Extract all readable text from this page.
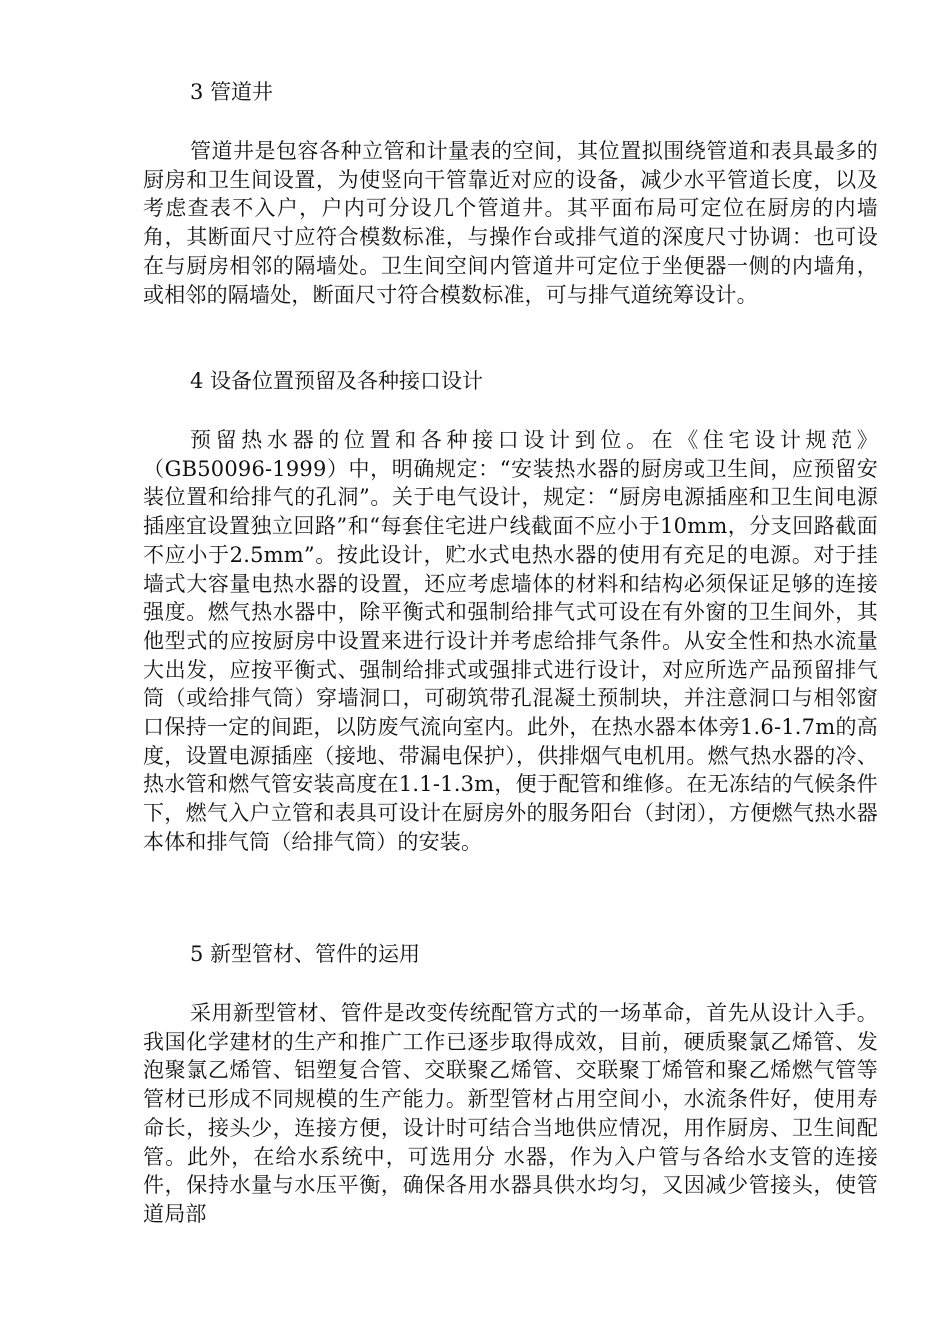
3 管道井
管道井是包容各种立管和计量表的空间，其位置拟围绕管道和表具最多的厨房和卫生间设置，为使竖向干管靠近对应的设备，减少水平管道长度，以及考虑查表不入户，户内可分设几个管道井。其平面布局可定位在厨房的内墙角，其断面尺寸应符合模数标准，与操作台或排气道的深度尺寸协调：也可设在与厨房相邻的隔墙处。卫生间空间内管道井可定位于坐便器一侧的内墙角，或相邻的隔墙处，断面尺寸符合模数标准，可与排气道统筹设计。
4 设备位置预留及各种接口设计
预留热水器的位置和各种接口设计到位。在《住宅设计规范》（GB50096-1999）中，明确规定：“安装热水器的厨房或卫生间，应预留安装位置和给排气的孔洞”。关于电气设计，规定：“厨房电源插座和卫生间电源插座宜设置独立回路”和“每套住宅进户线截面不应小于10mm，分支回路截面不应小于2.5mm”。按此设计，贮水式电热水器的使用有充足的电源。对于挂墙式大容量电热水器的设置，还应考虑墙体的材料和结构必须保证足够的连接强度。燃气热水器中，除平衡式和强制给排气式可设在有外窗的卫生间外，其他型式的应按厨房中设置来进行设计并考虑给排气条件。从安全性和热水流量大出发，应按平衡式、强制给排式或强排式进行设计，对应所选产品预留排气筒（或给排气筒）穿墙洞口，可砌筑带孔混凝土预制块，并注意洞口与相邻窗口保持一定的间距，以防废气流向室内。此外，在热水器本体旁1.6-1.7m的高度，设置电源插座（接地、带漏电保护），供排烟气电机用。燃气热水器的冷、热水管和燃气管安装高度在1.1-1.3m，便于配管和维修。在无冻结的气候条件下，燃气入户立管和表具可设计在厨房外的服务阳台（封闭），方便燃气热水器本体和排气筒（给排气筒）的安装。
5 新型管材、管件的运用
采用新型管材、管件是改变传统配管方式的一场革命，首先从设计入手。我国化学建材的生产和推广工作已逐步取得成效，目前，硬质聚氯乙烯管、发泡聚氯乙烯管、铝塑复合管、交联聚乙烯管、交联聚丁烯管和聚乙烯燃气管等管材已形成不同规模的生产能力。新型管材占用空间小，水流条件好，使用寿命长，接头少，连接方便，设计时可结合当地供应情况，用作厨房、卫生间配管。此外，在给水系统中，可选用分 水器，作为入户管与各给水支管的连接件，保持水量与水压平衡，确保各用水器具供水均匀，又因减少管接头，使管道局部
